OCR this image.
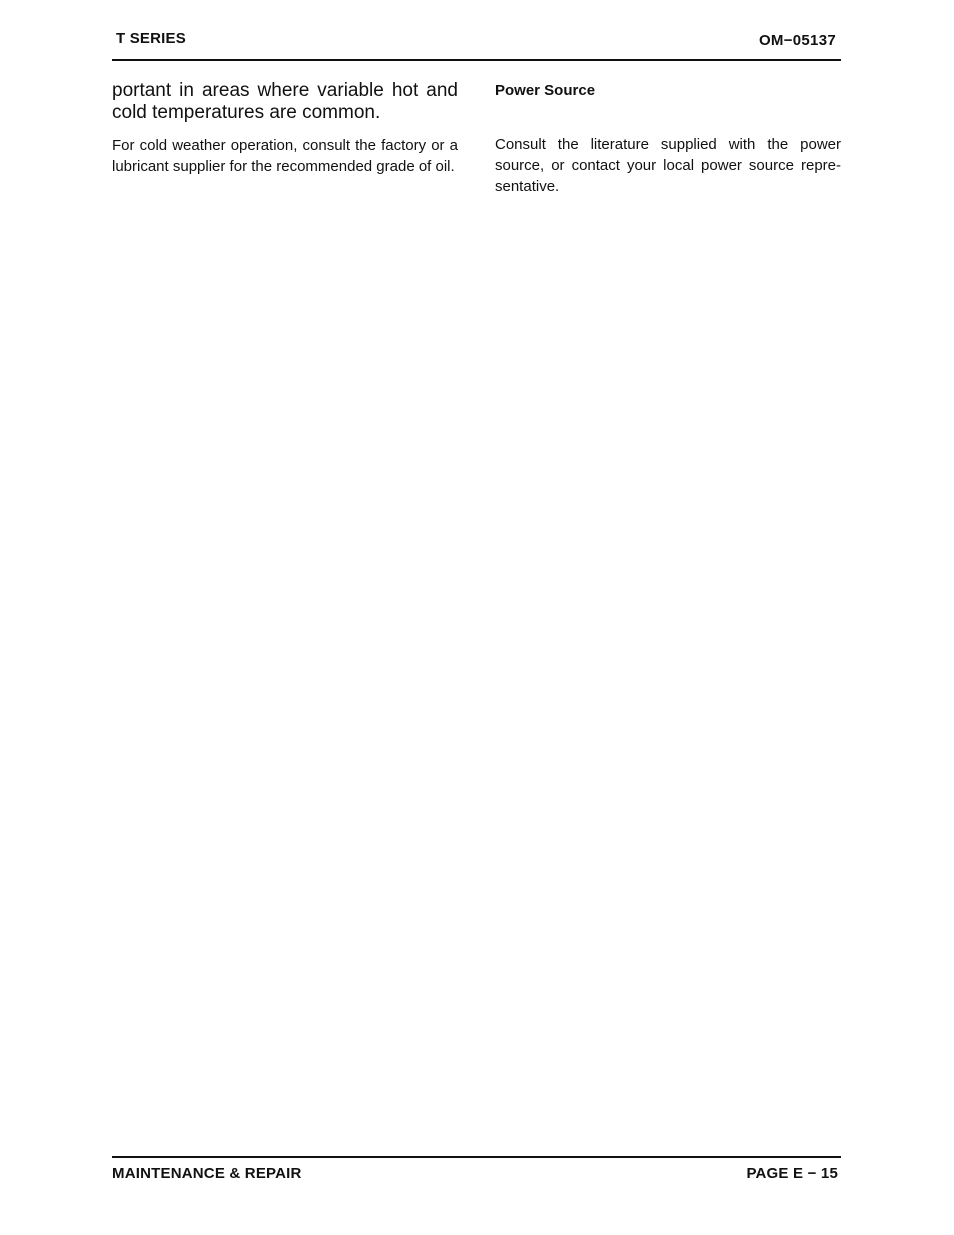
T SERIES	OM−05137

portant in areas where variable hot and cold temperatures are common.

For cold weather operation, consult the factory or a lubricant supplier for the recommended grade of oil.

Power Source

Consult the literature supplied with the power source, or contact your local power source representative.

MAINTENANCE & REPAIR	PAGE E − 15
